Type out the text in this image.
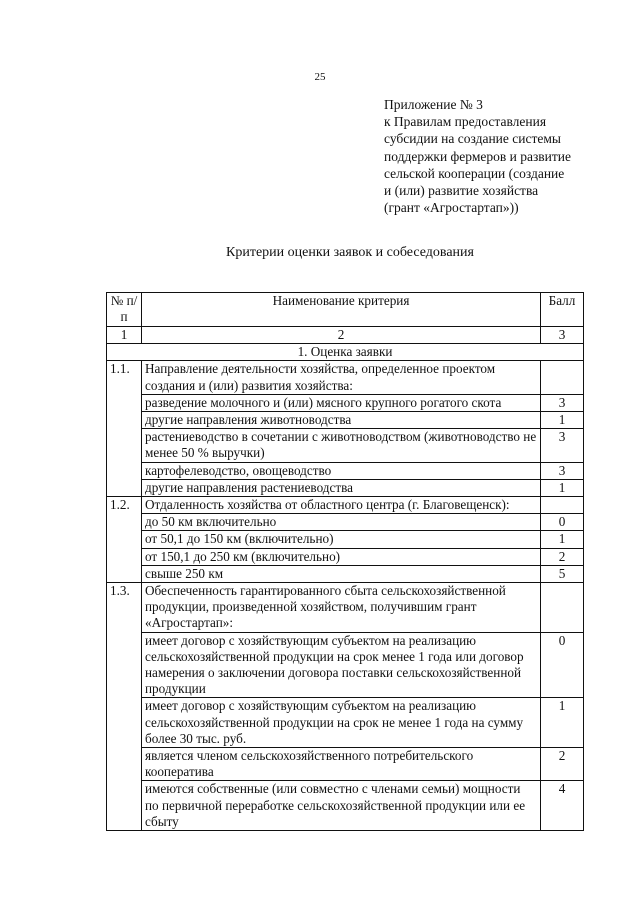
25
Приложение № 3
к Правилам предоставления
субсидии на создание системы
поддержки фермеров и развитие
сельской кооперации (создание
и (или) развитие хозяйства
(грант «Агростартап»))
Критерии оценки заявок и собеседования
№ п/п	Наименование критерия	Балл
1	2	3
1. Оценка заявки		
1.1.	Направление деятельности хозяйства, определенное проектом создания и (или) развития хозяйства:	
	разведение молочного и (или) мясного крупного рогатого скота	3
	другие направления животноводства	1
	растениеводство в сочетании с животноводством (животноводство не менее 50 % выручки)	3
	картофелеводство, овощеводство	3
	другие направления растениеводства	1
1.2.	Отдаленность хозяйства от областного центра (г. Благовещенск):	
	до 50 км включительно	0
	от 50,1 до 150 км (включительно)	1
	от 150,1 до 250 км (включительно)	2
	свыше 250 км	5
1.3.	Обеспеченность гарантированного сбыта сельскохозяйственной продукции, произведенной хозяйством, получившим грант «Агростартап»:	
	имеет договор с хозяйствующим субъектом на реализацию сельскохозяйственной продукции на срок менее 1 года или договор намерения о заключении договора поставки сельскохозяйственной продукции	0
	имеет договор с хозяйствующим субъектом на реализацию сельскохозяйственной продукции на срок не менее 1 года на сумму более 30 тыс. руб.	1
	является членом сельскохозяйственного потребительского кооператива	2
	имеются собственные (или совместно с членами семьи) мощности по первичной переработке сельскохозяйственной продукции или ее сбыту	4
